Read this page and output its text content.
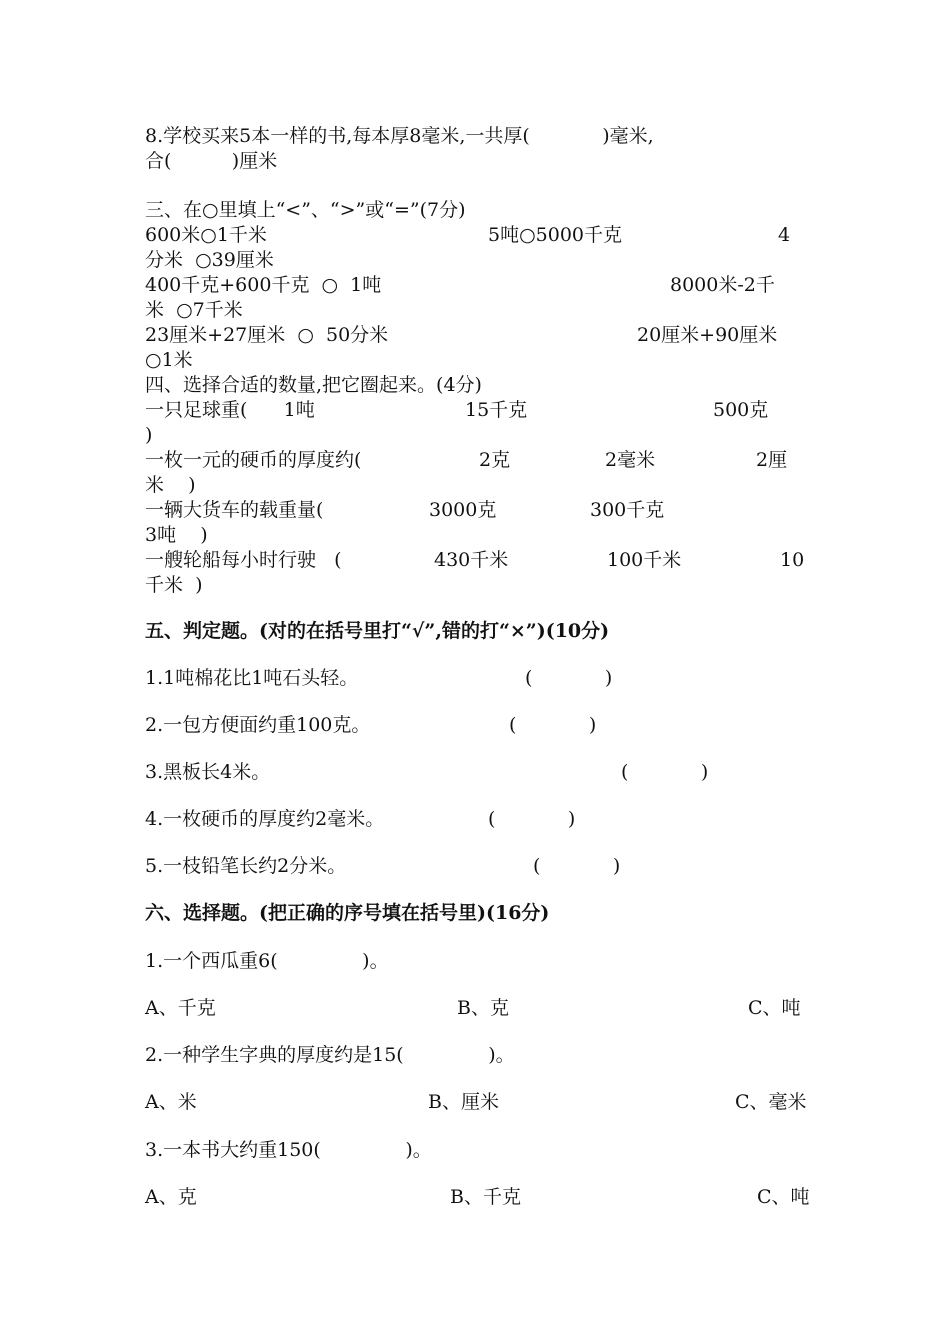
8.学校买来5本一样的书,每本厚8毫米,一共厚(            )毫米,
合(          )厘米
三、在○里填上“<”、“>”或“=”(7分)

600米○1千米

	5吨○5000千克

	4

分米  ○39厘米

400千克+600千克  ○  1吨

	8000米-2千

米  ○7千米

23厘米+27厘米  ○  50分米

	20厘米+90厘米

○1米
四、选择合适的数量,把它圈起来。(4分)

一只足球重(      1吨

	15千克

	500克

)

一枚一元的硬币的厚度约(

	2克

	2毫米

	2厘

米    )

一辆大货车的载重量(

	3000克

	300千克

3吨    )

一艘轮船每小时行驶   (

	430千米

	100千米

	10

千米  )
五、判定题。(对的在括号里打“√”,错的打“×”)(10分)

1.1吨棉花比1吨石头轻。

	(            )

2.一包方便面约重100克。

	(            )

3.黑板长4米。

	(            )

4.一枚硬币的厚度约2毫米。

	(            )

5.一枝铅笔长约2分米。

	(            )

六、选择题。(把正确的序号填在括号里)(16分)
1.一个西瓜重6(              )。

A、千克

	B、克

	C、吨

2.一种学生字典的厚度约是15(              )。

A、米

	B、厘米

	C、毫米

3.一本书大约重150(              )。

A、克

	B、千克

	C、吨
